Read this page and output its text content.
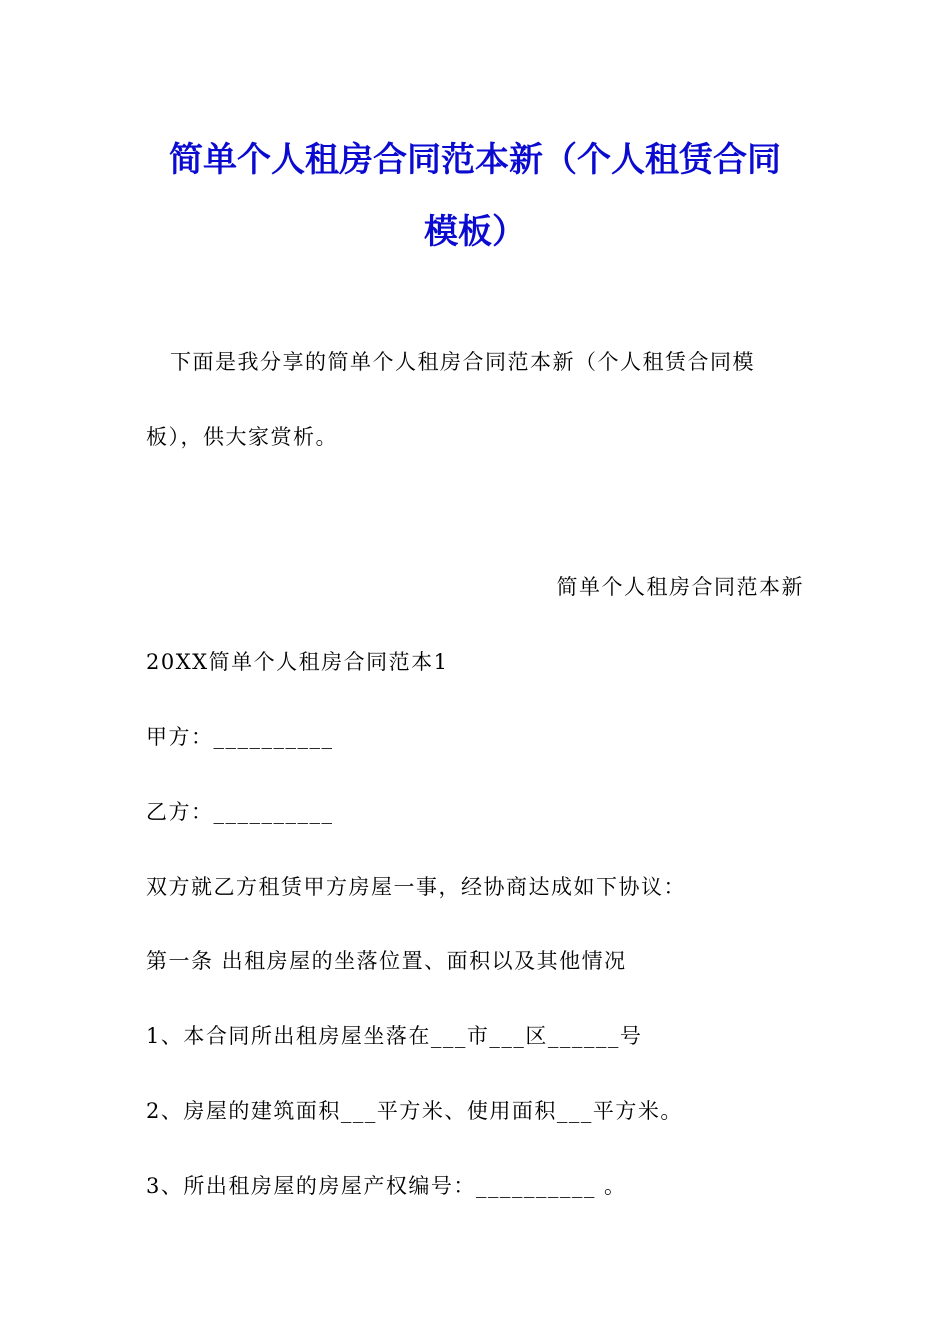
简单个人租房合同范本新（个人租赁合同
模板）
下面是我分享的简单个人租房合同范本新（个人租赁合同模
板），供大家赏析。
简单个人租房合同范本新
20XX简单个人租房合同范本1
甲方：__________
乙方：__________
双方就乙方租赁甲方房屋一事，经协商达成如下协议：
第一条 出租房屋的坐落位置、面积以及其他情况
1、本合同所出租房屋坐落在___市___区______号
2、房屋的建筑面积___平方米、使用面积___平方米。
3、所出租房屋的房屋产权编号：__________ 。
